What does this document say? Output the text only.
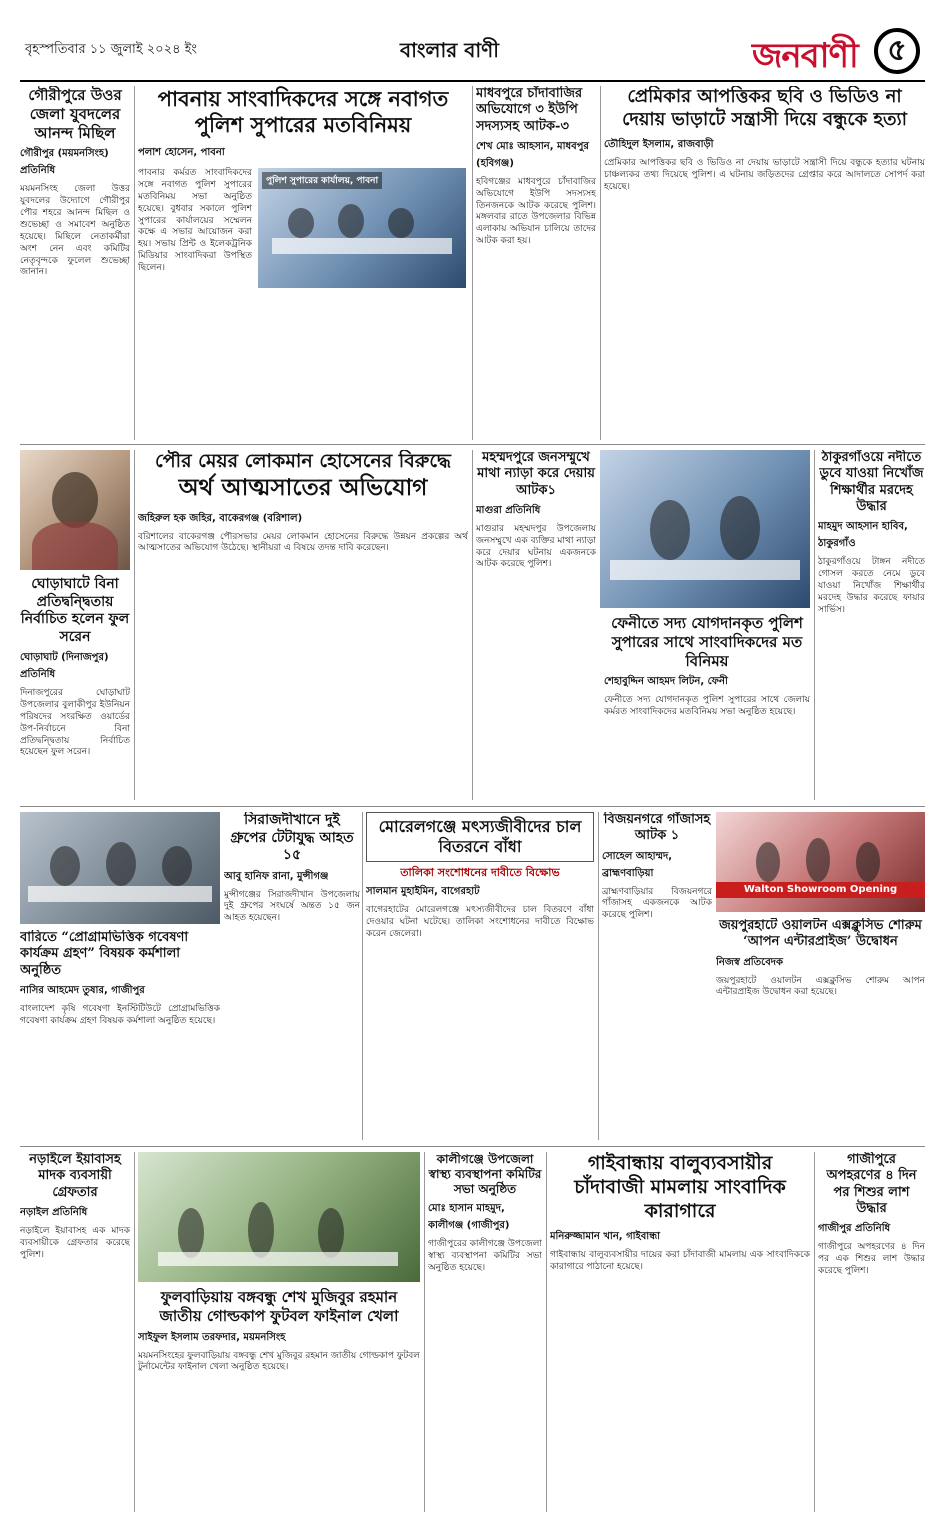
বৃহস্পতিবার ১১ জুলাই ২০২৪ ইং	বাংলার বাণী	জনবাণী ৫
গৌরীপুরে উওর জেলা যুবদলের আনন্দ মিছিল
গৌরীপুর (ময়মনসিংহ) প্রতিনিধি
ময়মনসিংহ জেলা উত্তর যুবদলের উদ্যোগে গৌরীপুর পৌর শহরে আনন্দ মিছিল ও শুভেচ্ছা ও সমাবেশ অনুষ্ঠিত হয়েছে। মিছিলে নেতাকর্মীরা অংশ নেন এবং কমিটির নেতৃবৃন্দকে ফুলেল শুভেচ্ছা জানান।
পাবনায় সাংবাদিকদের সঙ্গে নবাগত পুলিশ সুপারের মতবিনিময়
পলাশ হোসেন, পাবনা
পুলিশ সুপারের কার্যালয়, পাবনা
পাবনার কর্মরত সাংবাদিকদের সঙ্গে নবাগত পুলিশ সুপারের মতবিনিময় সভা অনুষ্ঠিত হয়েছে। বুধবার সকালে পুলিশ সুপারের কার্যালয়ের সম্মেলন কক্ষে এ সভার আয়োজন করা হয়। সভায় প্রিন্ট ও ইলেকট্রনিক মিডিয়ার সাংবাদিকরা উপস্থিত ছিলেন।
মাধবপুরে চাঁদাবাজির অভিযোগে ৩ ইউপি সদস্যসহ আটক-৩
শেখ মোঃ আহসান, মাধবপুর (হবিগঞ্জ)
হবিগঞ্জের মাধবপুরে চাঁদাবাজির অভিযোগে ইউপি সদস্যসহ তিনজনকে আটক করেছে পুলিশ। মঙ্গলবার রাতে উপজেলার বিভিন্ন এলাকায় অভিযান চালিয়ে তাদের আটক করা হয়।
প্রেমিকার আপত্তিকর ছবি ও ভিডিও না দেয়ায় ভাড়াটে সন্ত্রাসী দিয়ে বন্ধুকে হত্যা
তৌহিদুল ইসলাম, রাজবাড়ী
প্রেমিকার আপত্তিকর ছবি ও ভিডিও না দেয়ায় ভাড়াটে সন্ত্রাসী দিয়ে বন্ধুকে হত্যার ঘটনায় চাঞ্চল্যকর তথ্য দিয়েছে পুলিশ। এ ঘটনায় জড়িতদের গ্রেপ্তার করে আদালতে সোপর্দ করা হয়েছে।
ঘোড়াঘাটে বিনা প্রতিদ্বন্দ্বিতায় নির্বাচিত হলেন ফুল সরেন
ঘোড়াঘাট (দিনাজপুর) প্রতিনিধি
দিনাজপুরের ঘোড়াঘাট উপজেলার বুলাকীপুর ইউনিয়ন পরিষদের সংরক্ষিত ওয়ার্ডের উপ-নির্বাচনে বিনা প্রতিদ্বন্দ্বিতায় নির্বাচিত হয়েছেন ফুল সরেন।
পৌর মেয়র লোকমান হোসেনের বিরুদ্ধে
অর্থ আত্মসাতের অভিযোগ
জহিরুল হক জহির, বাকেরগঞ্জ (বরিশাল)
বরিশালের বাকেরগঞ্জ পৌরসভার মেয়র লোকমান হোসেনের বিরুদ্ধে উন্নয়ন প্রকল্পের অর্থ আত্মসাতের অভিযোগ উঠেছে। স্থানীয়রা এ বিষয়ে তদন্ত দাবি করেছেন।
মহম্মদপুরে জনসম্মুখে মাথা ন্যাড়া করে দেয়ায় আটক১
মাগুরা প্রতিনিধি
মাগুরার মহম্মদপুর উপজেলায় জনসম্মুখে এক ব্যক্তির মাথা ন্যাড়া করে দেয়ার ঘটনায় একজনকে আটক করেছে পুলিশ।
ফেনীতে সদ্য যোগদানকৃত পুলিশ সুপারের সাথে সাংবাদিকদের মত বিনিময়
শেহাবুদ্দিন আহমদ লিটন, ফেনী
ফেনীতে সদ্য যোগদানকৃত পুলিশ সুপারের সাথে জেলায় কর্মরত সাংবাদিকদের মতবিনিময় সভা অনুষ্ঠিত হয়েছে।
ঠাকুরগাঁওয়ে নদীতে ডুবে যাওয়া নিখোঁজ শিক্ষার্থীর মরদেহ উদ্ধার
মাহমুদ আহসান হাবিব, ঠাকুরগাঁও
ঠাকুরগাঁওয়ে টাঙ্গন নদীতে গোসল করতে নেমে ডুবে যাওয়া নিখোঁজ শিক্ষার্থীর মরদেহ উদ্ধার করেছে ফায়ার সার্ভিস।
সিরাজদীখানে দুই গ্রুপের টেটাযুদ্ধ আহত ১৫
আবু হানিফ রানা, মুন্সীগঞ্জ
মুন্সীগঞ্জের সিরাজদীখান উপজেলায় দুই গ্রুপের সংঘর্ষে অন্তত ১৫ জন আহত হয়েছেন।
বারিতে “প্রোগ্রামভিত্তিক গবেষণা কার্যক্রম গ্রহণ” বিষয়ক কর্মশালা অনুষ্ঠিত
নাসির আহমেদ তুষার, গাজীপুর
বাংলাদেশ কৃষি গবেষণা ইনস্টিটিউটে প্রোগ্রামভিত্তিক গবেষণা কার্যক্রম গ্রহণ বিষয়ক কর্মশালা অনুষ্ঠিত হয়েছে।
মোরেলগঞ্জে মৎস্যজীবীদের চাল বিতরনে বাঁধা
তালিকা সংশোধনের দাবীতে বিক্ষোভ
সালমান মুহাইমিন, বাগেরহাট
বাগেরহাটের মোরেলগঞ্জে মৎস্যজীবীদের চাল বিতরণে বাঁধা দেওয়ার ঘটনা ঘটেছে। তালিকা সংশোধনের দাবীতে বিক্ষোভ করেন জেলেরা।
বিজয়নগরে গাঁজাসহ আটক ১
সোহেল আহাম্মদ, ব্রাহ্মণবাড়িয়া
ব্রাহ্মণবাড়িয়ার বিজয়নগরে গাঁজাসহ একজনকে আটক করেছে পুলিশ।
Walton Showroom Opening
জয়পুরহাটে ওয়ালটন এক্সক্লুসিভ শোরুম ‘আপন এন্টারপ্রাইজ’ উদ্বোধন
নিজস্ব প্রতিবেদক
জয়পুরহাটে ওয়ালটন এক্সক্লুসিভ শোরুম আপন এন্টারপ্রাইজ উদ্বোধন করা হয়েছে।
নড়াইলে ইয়াবাসহ মাদক ব্যবসায়ী গ্রেফতার
নড়াইল প্রতিনিধি
নড়াইলে ইয়াবাসহ এক মাদক ব্যবসায়ীকে গ্রেফতার করেছে পুলিশ।
ফুলবাড়িয়ায় বঙ্গবন্ধু শেখ মুজিবুর রহমান জাতীয় গোল্ডকাপ ফুটবল ফাইনাল খেলা
সাইফুল ইসলাম তরফদার, ময়মনসিংহ
ময়মনসিংহের ফুলবাড়িয়ায় বঙ্গবন্ধু শেখ মুজিবুর রহমান জাতীয় গোল্ডকাপ ফুটবল টুর্নামেন্টের ফাইনাল খেলা অনুষ্ঠিত হয়েছে।
কালীগঞ্জে উপজেলা স্বাস্থ্য ব্যবস্থাপনা কমিটির সভা অনুষ্ঠিত
মোঃ হাসান মাহমুদ, কালীগঞ্জ (গাজীপুর)
গাজীপুরের কালীগঞ্জে উপজেলা স্বাস্থ্য ব্যবস্থাপনা কমিটির সভা অনুষ্ঠিত হয়েছে।
গাইবান্ধায় বালুব্যবসায়ীর চাঁদাবাজী মামলায় সাংবাদিক কারাগারে
মনিরুজ্জামান খান, গাইবান্ধা
গাইবান্ধায় বালুব্যবসায়ীর দায়ের করা চাঁদাবাজী মামলায় এক সাংবাদিককে কারাগারে পাঠানো হয়েছে।
গাজীপুরে অপহরণের ৪ দিন পর শিশুর লাশ উদ্ধার
গাজীপুর প্রতিনিধি
গাজীপুরে অপহরণের ৪ দিন পর এক শিশুর লাশ উদ্ধার করেছে পুলিশ।
